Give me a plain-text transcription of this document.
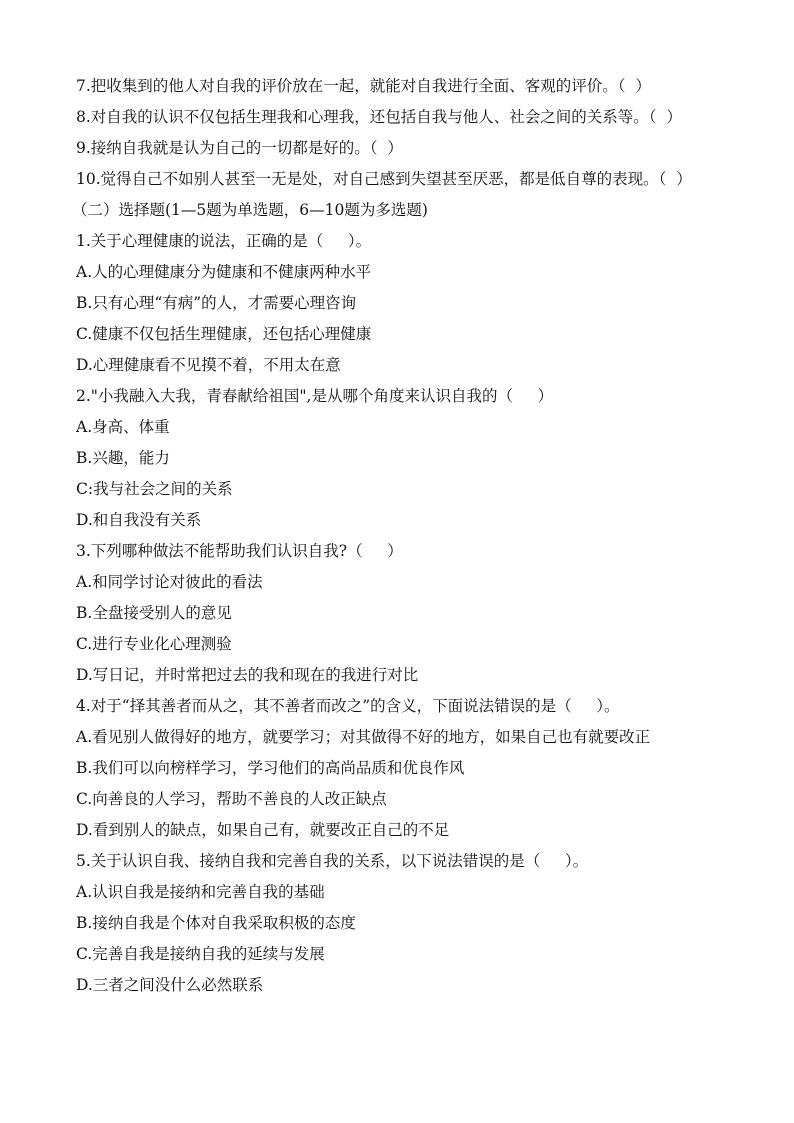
7.把收集到的他人对自我的评价放在一起，就能对自我进行全面、客观的评价。（  ）
8.对自我的认识不仅包括生理我和心理我，还包括自我与他人、社会之间的关系等。（  ）
9.接纳自我就是认为自己的一切都是好的。（  ）
10.觉得自己不如别人甚至一无是处，对自己感到失望甚至厌恶，都是低自尊的表现。（  ）
（二）选择题(1—5题为单选题，6—10题为多选题)
1.关于心理健康的说法，正确的是（     ）。
A.人的心理健康分为健康和不健康两种水平
B.只有心理“有病”的人，才需要心理咨询
C.健康不仅包括生理健康，还包括心理健康
D.心理健康看不见摸不着，不用太在意
2."小我融入大我，青春献给祖国",是从哪个角度来认识自我的（     ）
A.身高、体重
B.兴趣，能力
C:我与社会之间的关系
D.和自我没有关系
3.下列哪种做法不能帮助我们认识自我?（     ）
A.和同学讨论对彼此的看法
B.全盘接受别人的意见
C.进行专业化心理测验
D.写日记，并时常把过去的我和现在的我进行对比
4.对于“择其善者而从之，其不善者而改之”的含义，下面说法错误的是（     ）。
A.看见别人做得好的地方，就要学习；对其做得不好的地方，如果自己也有就要改正
B.我们可以向榜样学习，学习他们的高尚品质和优良作风
C.向善良的人学习，帮助不善良的人改正缺点
D.看到别人的缺点，如果自己有，就要改正自己的不足
5.关于认识自我、接纳自我和完善自我的关系，以下说法错误的是（     ）。
A.认识自我是接纳和完善自我的基础
B.接纳自我是个体对自我采取积极的态度
C.完善自我是接纳自我的延续与发展
D.三者之间没什么必然联系
